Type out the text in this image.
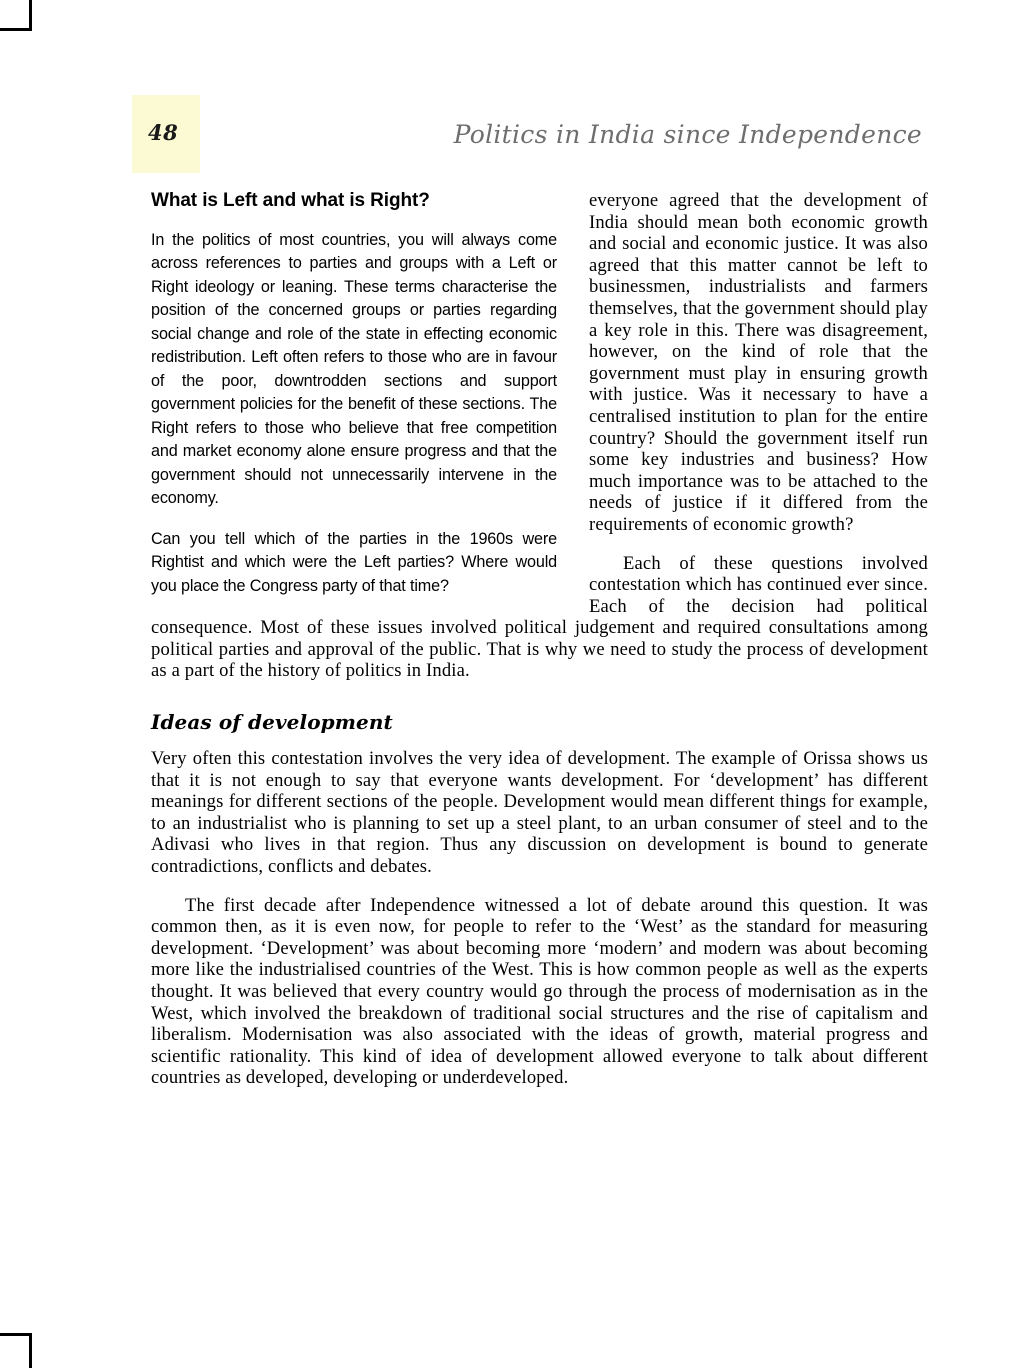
48	Politics in India since Independence
What is Left and what is Right?

In the politics of most countries, you will always come across references to parties and groups with a Left or Right ideology or leaning. These terms characterise the position of the concerned groups or parties regarding social change and role of the state in effecting economic redistribution. Left often refers to those who are in favour of the poor, downtrodden sections and support government policies for the benefit of these sections. The Right refers to those who believe that free competition and market economy alone ensure progress and that the government should not unnecessarily intervene in the economy.

Can you tell which of the parties in the 1960s were Rightist and which were the Left parties? Where would you place the Congress party of that time?

everyone agreed that the development of India should mean both economic growth and social and economic justice. It was also agreed that this matter cannot be left to businessmen, industrialists and farmers themselves, that the government should play a key role in this. There was disagreement, however, on the kind of role that the government must play in ensuring growth with justice. Was it necessary to have a centralised institution to plan for the entire country? Should the government itself run some key industries and business? How much importance was to be attached to the needs of justice if it differed from the requirements of economic growth?

Each of these questions involved contestation which has continued ever since. Each of the decision had political consequence. Most of these issues involved political judgement and required consultations among political parties and approval of the public. That is why we need to study the process of development as a part of the history of politics in India.

Ideas of development

Very often this contestation involves the very idea of development. The example of Orissa shows us that it is not enough to say that everyone wants development. For ‘development’ has different meanings for different sections of the people. Development would mean different things for example, to an industrialist who is planning to set up a steel plant, to an urban consumer of steel and to the Adivasi who lives in that region. Thus any discussion on development is bound to generate contradictions, conflicts and debates.

The first decade after Independence witnessed a lot of debate around this question. It was common then, as it is even now, for people to refer to the ‘West’ as the standard for measuring development. ‘Development’ was about becoming more ‘modern’ and modern was about becoming more like the industrialised countries of the West. This is how common people as well as the experts thought. It was believed that every country would go through the process of modernisation as in the West, which involved the breakdown of traditional social structures and the rise of capitalism and liberalism. Modernisation was also associated with the ideas of growth, material progress and scientific rationality. This kind of idea of development allowed everyone to talk about different countries as developed, developing or underdeveloped.
